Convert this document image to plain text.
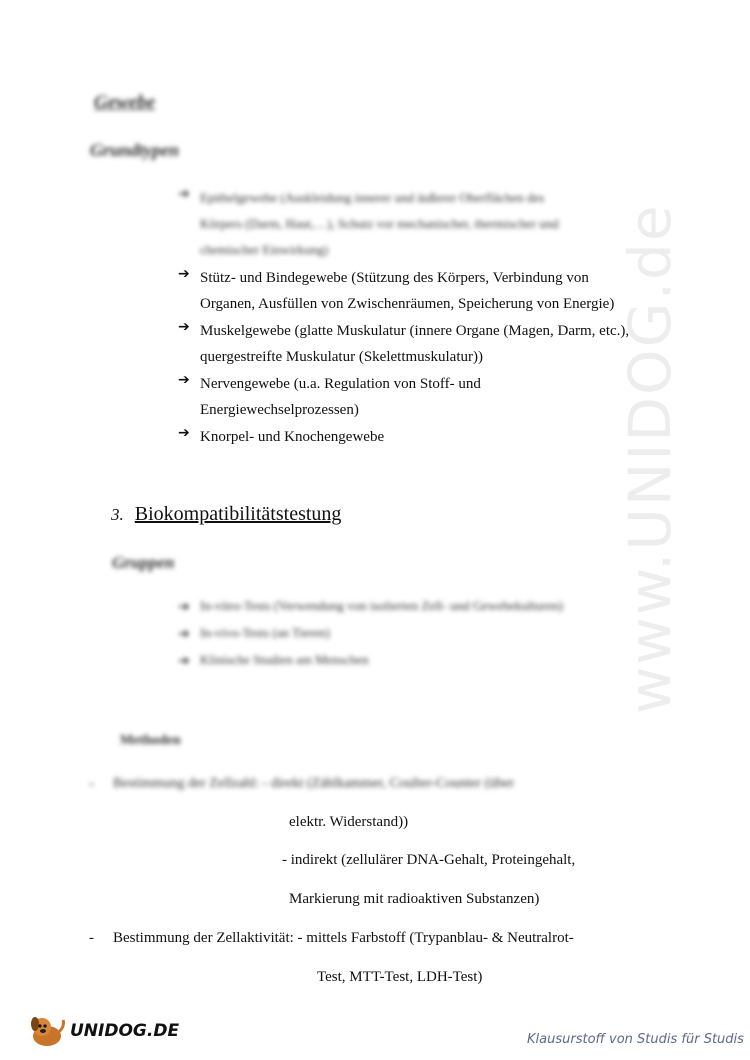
Gewebe
Grundtypen
➔ Epithelgewebe (Auskleidung innerer und äußerer Oberflächen des
Körpers (Darm, Haut,…), Schutz vor mechanischer, thermischer und
chemischer Einwirkung)
➔ Stütz- und Bindegewebe (Stützung des Körpers, Verbindung von
Organen, Ausfüllen von Zwischenräumen, Speicherung von Energie)
➔ Muskelgewebe (glatte Muskulatur (innere Organe (Magen, Darm, etc.),
quergestreifte Muskulatur (Skelettmuskulatur))
➔ Nervengewebe (u.a. Regulation von Stoff- und
Energiewechselprozessen)
➔ Knorpel- und Knochengewebe
3. Biokompatibilitätstestung
Gruppen
➔ In-vitro-Tests (Verwendung von isolierten Zell- und Gewebekulturen)
➔ In-vivo-Tests (an Tieren)
➔ Klinische Studien am Menschen
Methoden
- Bestimmung der Zellzahl: - direkt (Zählkammer, Coulter-Counter (über
elektr. Widerstand))
- indirekt (zellulärer DNA-Gehalt, Proteingehalt,
Markierung mit radioaktiven Substanzen)
- Bestimmung der Zellaktivität: - mittels Farbstoff (Trypanblau- & Neutralrot-
Test, MTT-Test, LDH-Test)
www.UNIDOG.de
UNIDOG.DE	Klausurstoff von Studis für Studis
